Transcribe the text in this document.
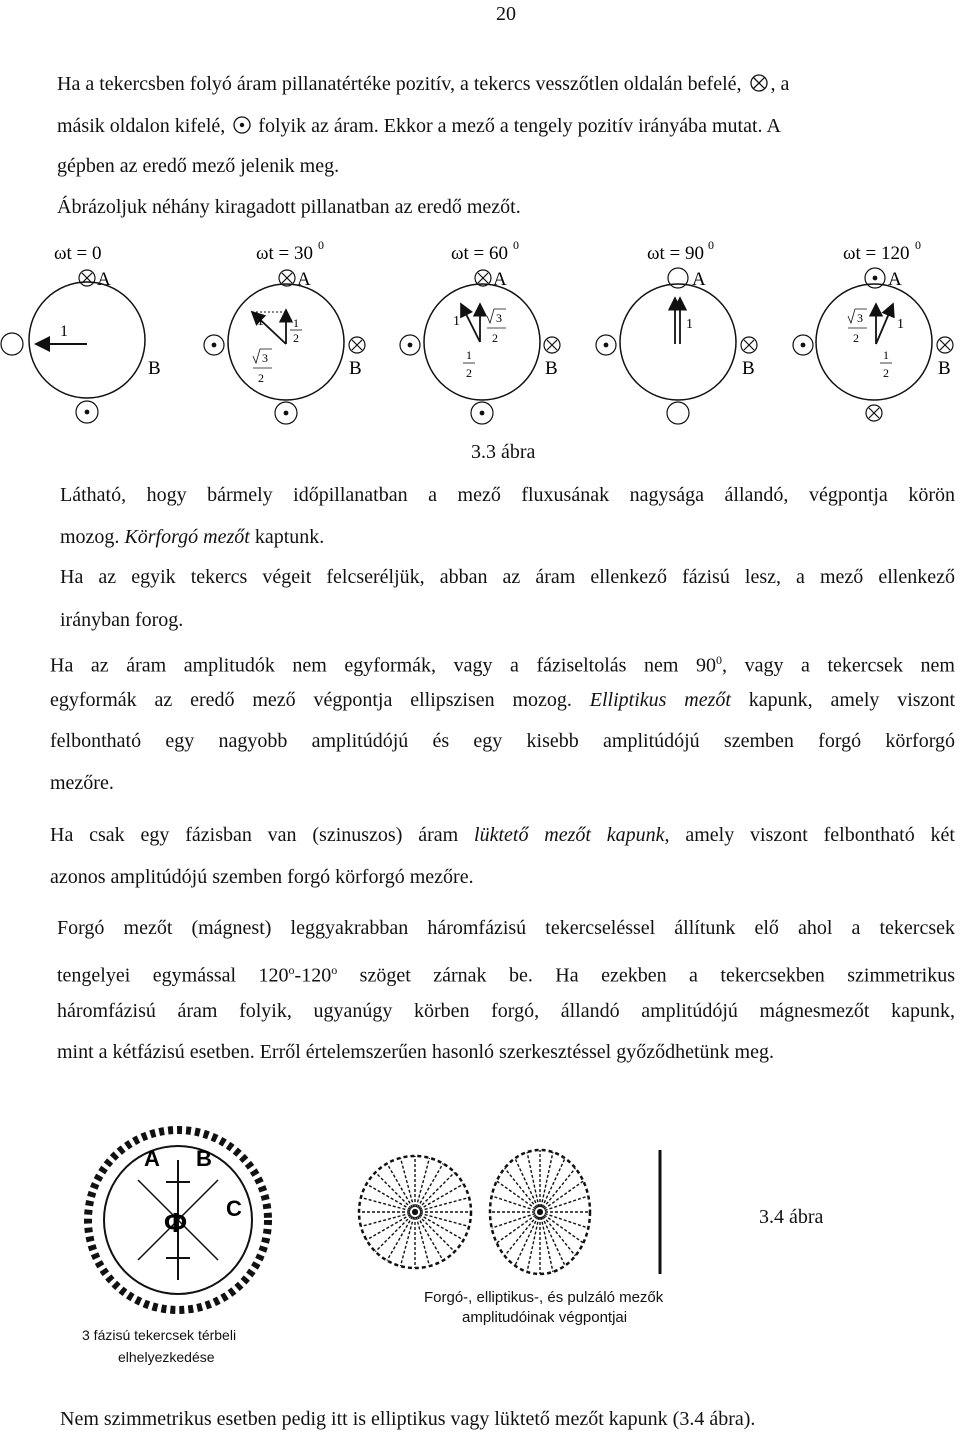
20
Ha a tekercsben folyó áram pillanatértéke pozitív, a tekercs vesszőtlen oldalán befelé, , a
másik oldalon kifelé, folyik az áram. Ekkor a mező a tengely pozitív irányába mutat. A
gépben az eredő mező jelenik meg.
Ábrázoljuk néhány kiragadott pillanatban az eredő mezőt.
ωt = 0
A
B
1
ωt = 30 0
A
B
1 1
2
3
2
ωt = 60 0
A
B
1	3
2
1
2
ωt = 90 0
A
B
1
ωt = 120 0
A
B
1
3
2
1
2
3.3 ábra
Látható, hogy bármely időpillanatban a mező fluxusának nagysága állandó, végpontja körön
mozog. Körforgó mezőt kaptunk.
Ha az egyik tekercs végeit felcseréljük, abban az áram ellenkező fázisú lesz, a mező ellenkező
irányban forog.
Ha az áram amplitudók nem egyformák, vagy a fáziseltolás nem $90^0$, vagy a tekercsek nem
egyformák az eredő mező végpontja ellipszisen mozog. Elliptikus mezőt kapunk, amely viszont
felbontható egy nagyobb amplitúdójú és egy kisebb amplitúdójú szemben forgó körforgó
mezőre.
Ha csak egy fázisban van (szinuszos) áram lüktető mezőt kapunk, amely viszont felbontható két
azonos amplitúdójú szemben forgó körforgó mezőre.
Forgó mezőt (mágnest) leggyakrabban háromfázisú tekercseléssel állítunk elő ahol a tekercsek
tengelyei egymással 120$^o$-120$^o$ szöget zárnak be. Ha ezekben a tekercsekben szimmetrikus
háromfázisú áram folyik, ugyanúgy körben forgó, állandó amplitúdójú mágnesmezőt kapunk,
mint a kétfázisú esetben. Erről értelemszerűen hasonló szerkesztéssel győződhetünk meg.
A B
C
Φ
3 fázisú tekercsek térbeli
elhelyezkedése
Forgó-, elliptikus-, és pulzáló mezők
amplitudóinak végpontjai
3.4 ábra
Nem szimmetrikus esetben pedig itt is elliptikus vagy lüktető mezőt kapunk (3.4 ábra).
